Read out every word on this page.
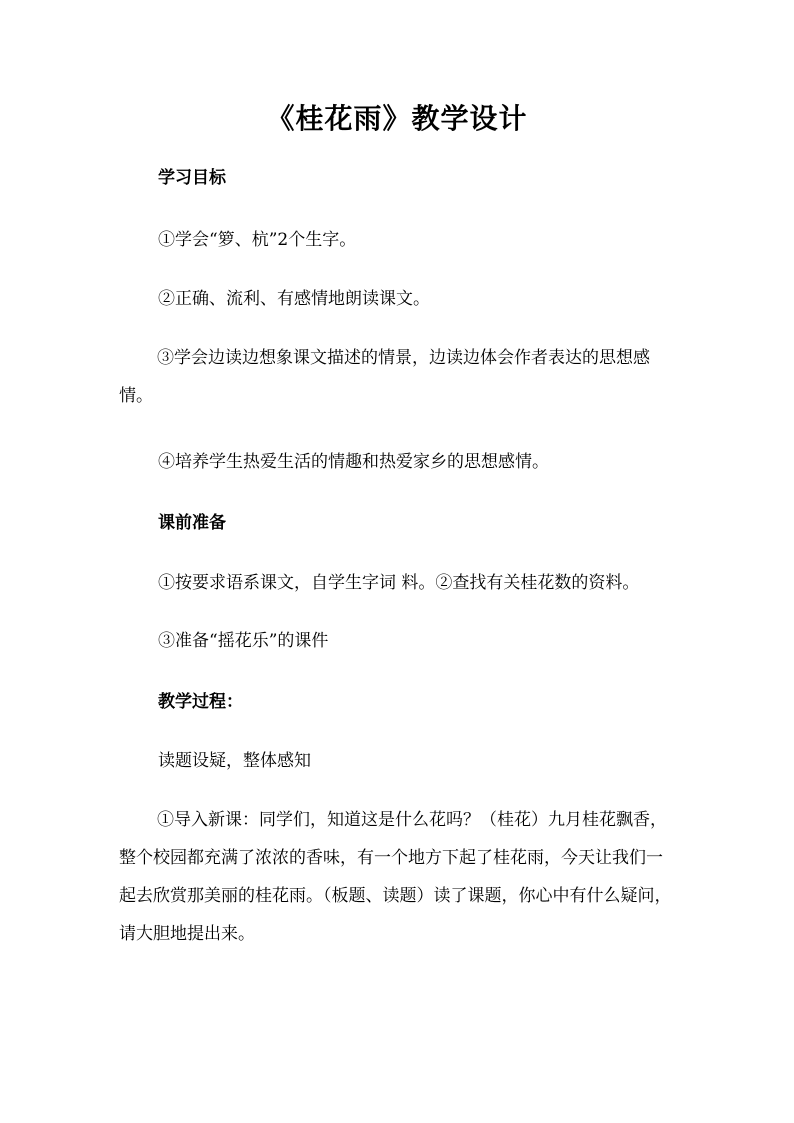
《桂花雨》教学设计
学习目标
①学会“箩、杭”2个生字。
②正确、流利、有感情地朗读课文。
③学会边读边想象课文描述的情景，边读边体会作者表达的思想感情。
④培养学生热爱生活的情趣和热爱家乡的思想感情。
课前准备
①按要求语系课文，自学生字词 料。②查找有关桂花数的资料。
③准备“摇花乐”的课件
教学过程：
读题设疑，整体感知
①导入新课：同学们，知道这是什么花吗？（桂花）九月桂花飘香，整个校园都充满了浓浓的香味，有一个地方下起了桂花雨，今天让我们一起去欣赏那美丽的桂花雨。（板题、读题）读了课题，你心中有什么疑问，请大胆地提出来。
